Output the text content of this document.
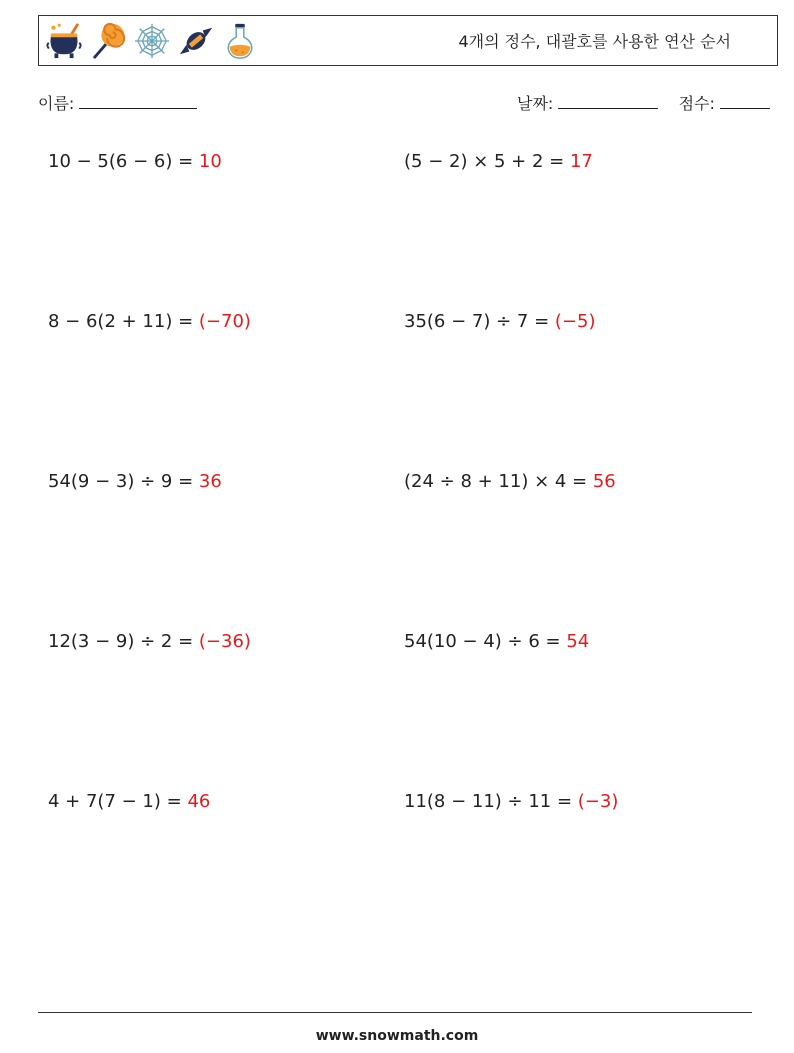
4개의 정수, 대괄호를 사용한 연산 순서
이름:	날짜:	점수:
10 − 5(6 − 6) = 10	(5 − 2) × 5 + 2 = 17
8 − 6(2 + 11) = (−70)	35(6 − 7) ÷ 7 = (−5)
54(9 − 3) ÷ 9 = 36	(24 ÷ 8 + 11) × 4 = 56
12(3 − 9) ÷ 2 = (−36)	54(10 − 4) ÷ 6 = 54
4 + 7(7 − 1) = 46	11(8 − 11) ÷ 11 = (−3)
www.snowmath.com
